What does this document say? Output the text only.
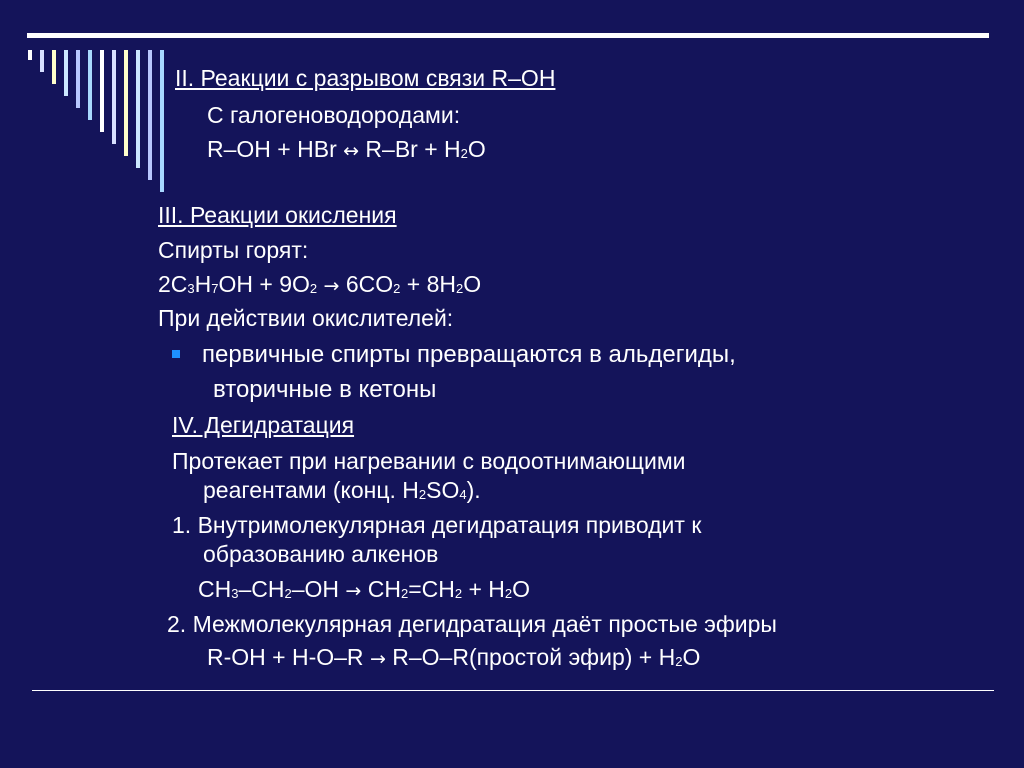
II. Реакции с разрывом связи R–OH
С галогеноводородами:
R–OH + HBr ↔ $R-Br + H_2O$
III. Реакции окисления
Спирты горят:
$2C_3H_7OH + 9O_2 \to 6CO_2 + 8H_2O$
При действии окислителей:
первичные спирты превращаются в альдегиды,
вторичные в кетоны
IV. Дегидратация
Протекает при нагревании с водоотнимающими
реагентами (конц. $H_2SO_4$).
1. Внутримолекулярная дегидратация приводит к
образованию алкенов
$CH_3-CH_2-OH \to CH_2=CH_2 + H_2O$
2. Межмолекулярная дегидратация даёт простые эфиры
R-OH + H-O–R → R–O–R(простой эфир) + $H_2O$
